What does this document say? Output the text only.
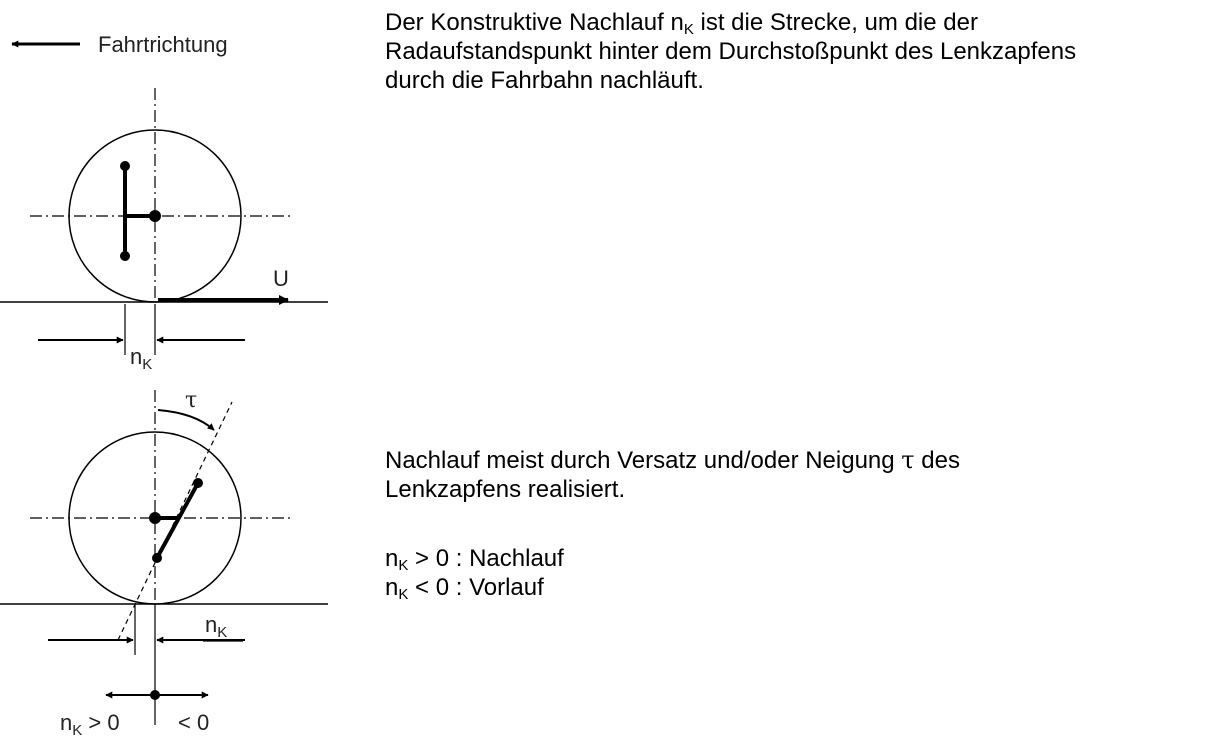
Fahrtrichtung
U
$n_K$
τ
$n_K$
$n_K > 0$	< 0
Der Konstruktive Nachlauf $n_K$ ist die Strecke, um die der
Radaufstandspunkt hinter dem Durchstoßpunkt des Lenkzapfens
durch die Fahrbahn nachläuft.
Nachlauf meist durch Versatz und/oder Neigung τ des
Lenkzapfens realisiert.
$n_K > 0$ : Nachlauf
$n_K < 0$ : Vorlauf
